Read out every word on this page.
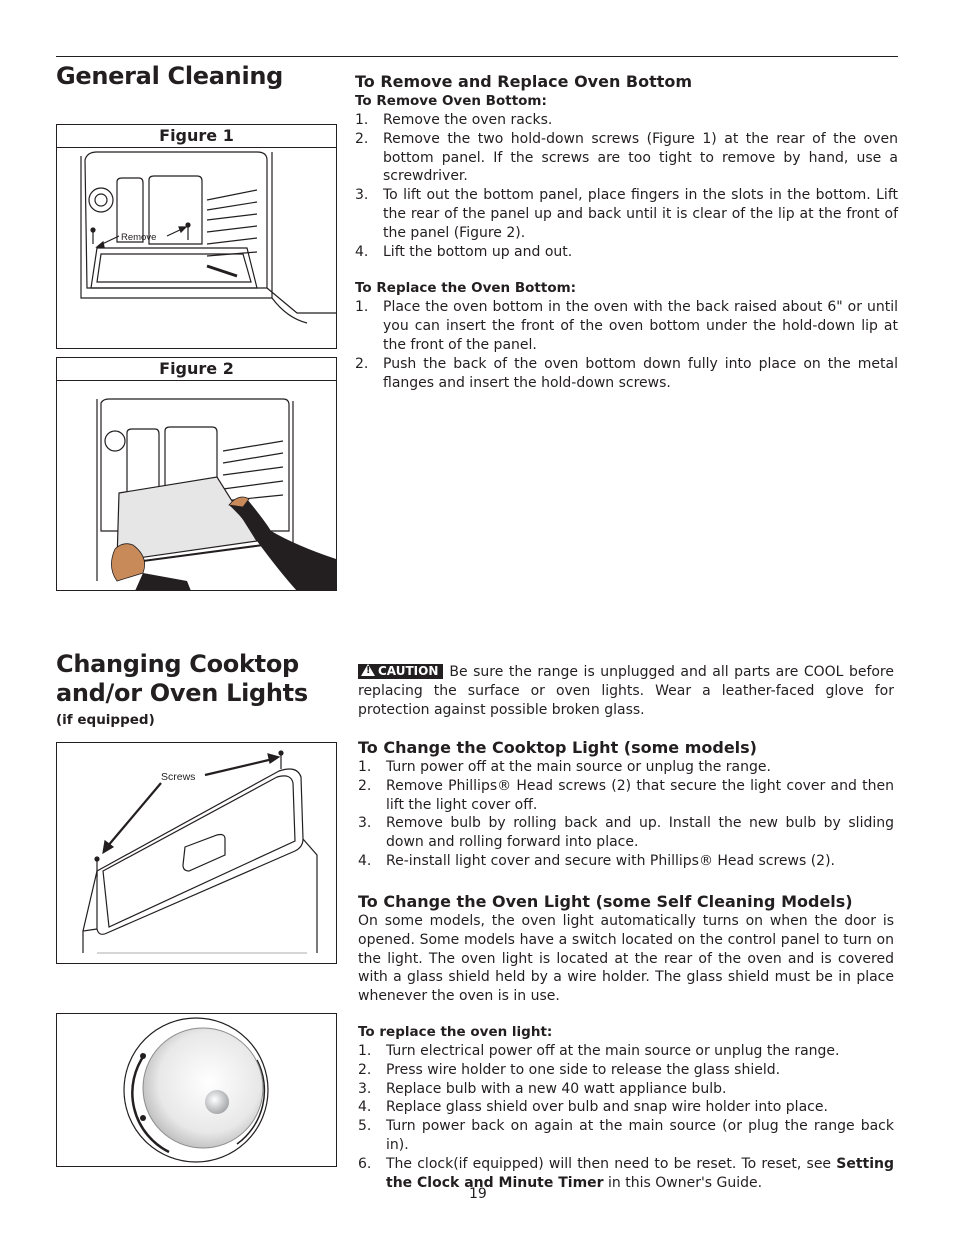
General Cleaning
Figure 1
Remove
Figure 2
To Remove and Replace Oven Bottom
To Remove Oven Bottom:
1.	Remove the oven racks.
2.	Remove the two hold-down screws (Figure 1) at the rear of the oven bottom panel. If the screws are too tight to remove by hand, use a screwdriver.
3.	To lift out the bottom panel, place fingers in the slots in the bottom. Lift the rear of the panel up and back until it is clear of the lip at the front of the panel (Figure 2).
4.	Lift the bottom up and out.
To Replace the Oven Bottom:
1.	Place the oven bottom in the oven with the back raised about 6" or until you can insert the front of the oven bottom under the hold-down lip at the front of the panel.
2.	Push the back of the oven bottom down fully into place on the metal flanges and insert the hold-down screws.
Changing Cooktop
and/or Oven Lights
(if equipped)
Screws
! CAUTION Be sure the range is unplugged and all parts are COOL before replacing the surface or oven lights. Wear a leather-faced glove for protection against possible broken glass.
To Change the Cooktop Light (some models)
1.	Turn power off at the main source or unplug the range.
2.	Remove Phillips® Head screws (2) that secure the light cover and then lift the light cover off.
3.	Remove bulb by rolling back and up. Install the new bulb by sliding down and rolling forward into place.
4.	Re-install light cover and secure with Phillips® Head screws (2).
To Change the Oven Light (some Self Cleaning Models)
On some models, the oven light automatically turns on when the door is opened. Some models have a switch located on the control panel to turn on the light. The oven light is located at the rear of the oven and is covered with a glass shield held by a wire holder. The glass shield must be in place whenever the oven is in use.
To replace the oven light:
1.	Turn electrical power off at the main source or unplug the range.
2.	Press wire holder to one side to release the glass shield.
3.	Replace bulb with a new 40 watt appliance bulb.
4.	Replace glass shield over bulb and snap wire holder into place.
5.	Turn power back on again at the main source (or plug the range back in).
6.	The clock(if equipped) will then need to be reset. To reset, see Setting the Clock and Minute Timer in this Owner's Guide.
19
